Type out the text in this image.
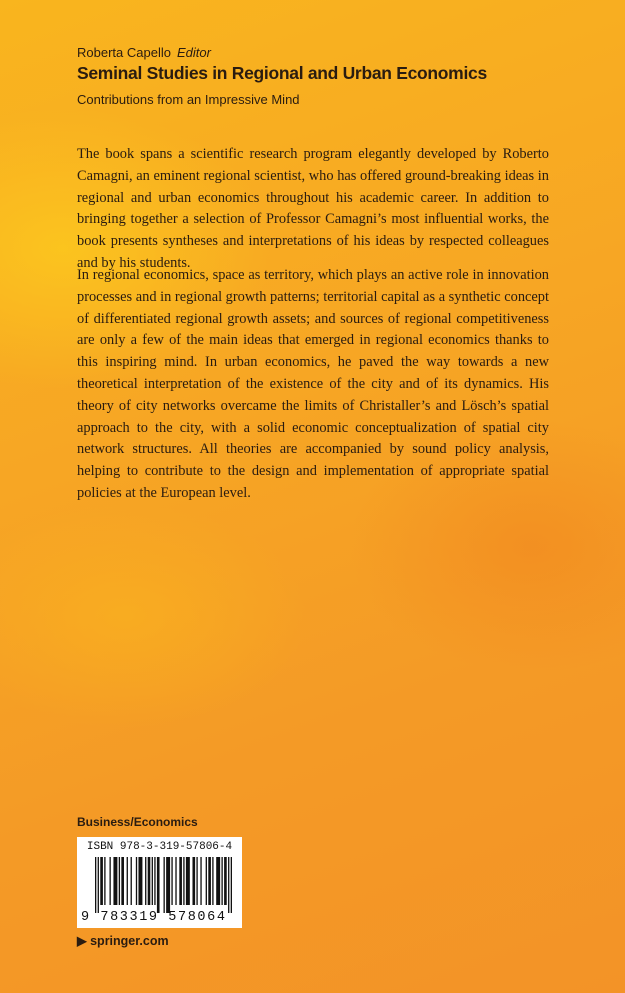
Roberta Capello Editor
Seminal Studies in Regional and Urban Economics
Contributions from an Impressive Mind

The book spans a scientific research program elegantly developed by Roberto Camagni, an eminent regional scientist, who has offered ground-breaking ideas in regional and urban economics throughout his academic career. In addition to bringing together a selection of Professor Camagni’s most influential works, the book presents syntheses and interpretations of his ideas by respected colleagues and by his students.

In regional economics, space as territory, which plays an active role in innovation processes and in regional growth patterns; territorial capital as a synthetic concept of differentiated regional growth assets; and sources of regional competitiveness are only a few of the main ideas that emerged in regional economics thanks to this inspiring mind. In urban economics, he paved the way towards a new theoretical interpretation of the existence of the city and of its dynamics. His theory of city networks overcame the limits of Christaller’s and Lösch’s spatial approach to the city, with a solid economic conceptualization of spatial city network structures. All theories are accompanied by sound policy analysis, helping to contribute to the design and implementation of appropriate spatial policies at the European level.

Business/Economics
ISBN 978-3-319-57806-4
9 783319 578064
▶ springer.com
